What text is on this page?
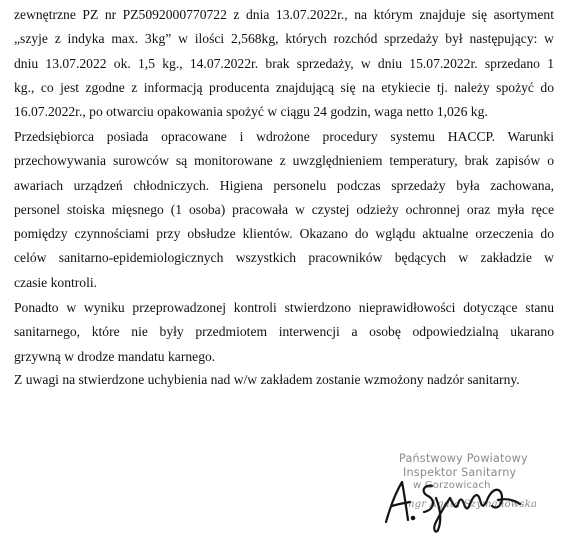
zewnętrzne PZ nr PZ5092000770722 z dnia 13.07.2022r., na którym znajduje się asortyment
„szyje z indyka max. 3kg” w ilości 2,568kg, których rozchód sprzedaży był następujący: w
dniu 13.07.2022 ok. 1,5 kg., 14.07.2022r. brak sprzedaży, w dniu 15.07.2022r. sprzedano 1
kg., co jest zgodne z informacją producenta znajdującą się na etykiecie tj. należy spożyć do
16.07.2022r., po otwarciu opakowania spożyć w ciągu 24 godzin, waga netto 1,026 kg.
Przedsiębiorca posiada opracowane i wdrożone procedury systemu HACCP. Warunki
przechowywania surowców są monitorowane z uwzględnieniem temperatury, brak zapisów o
awariach urządzeń chłodniczych. Higiena personelu podczas sprzedaży była zachowana,
personel stoiska mięsnego (1 osoba) pracowała w czystej odzieży ochronnej oraz myła ręce
pomiędzy czynnościami przy obsłudze klientów. Okazano do wglądu aktualne orzeczenia do
celów sanitarno-epidemiologicznych wszystkich pracowników będących w zakładzie w
czasie kontroli.
Ponadto w wyniku przeprowadzonej kontroli stwierdzono nieprawidłowości dotyczące stanu
sanitarnego, które nie były przedmiotem interwencji a osobę odpowiedzialną ukarano
grzywną w drodze mandatu karnego.
Z uwagi na stwierdzone uchybienia nad w/w zakładem zostanie wzmożony nadzór sanitarny.
Państwowy Powiatowy
Inspektor Sanitarny
w Gorzowicach
mgr Agata Szymanowska
